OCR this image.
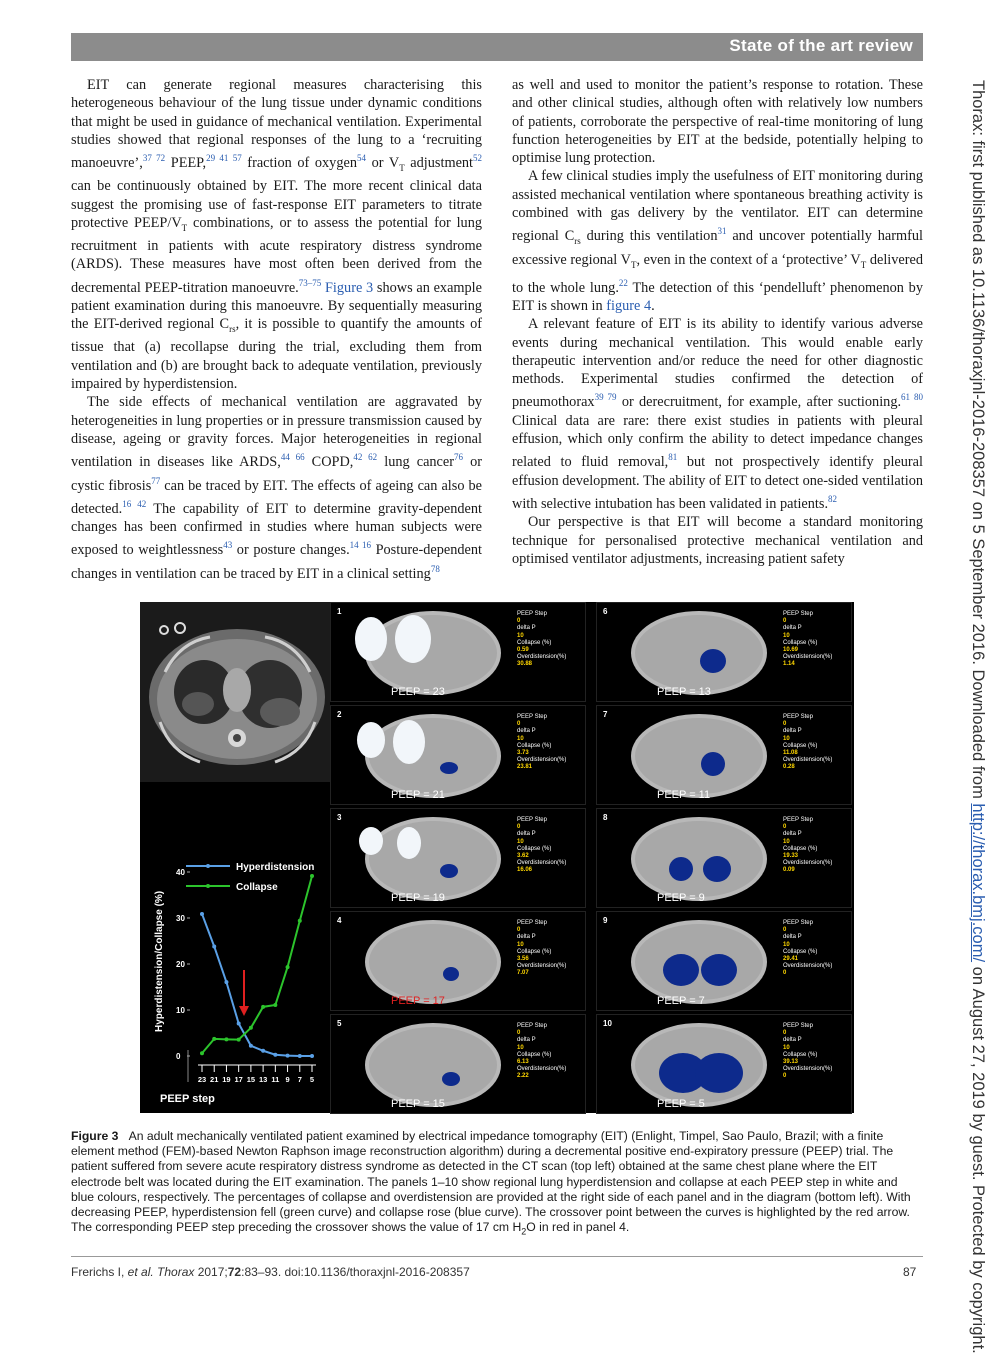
State of the art review
Thorax: first published as 10.1136/thoraxjnl-2016-208357 on 5 September 2016. Downloaded from http://thorax.bmj.com/ on August 27, 2019 by guest. Protected by copyright.

EIT can generate regional measures characterising this heterogeneous behaviour of the lung tissue under dynamic conditions that might be used in guidance of mechanical ventilation. Experimental studies showed that regional responses of the lung to a ‘recruiting manoeuvre’,$^{37 72}$ PEEP,$^{29 41 57}$ fraction of oxygen$^{54}$ or $V_T$ adjustment$^{52}$ can be continuously obtained by EIT. The more recent clinical data suggest the promising use of fast-response EIT parameters to titrate protective PEEP/$V_T$ combinations, or to assess the potential for lung recruitment in patients with acute respiratory distress syndrome (ARDS). These measures have most often been derived from the decremental PEEP-titration manoeuvre.$^{73-75}$ Figure 3 shows an example patient examination during this manoeuvre. By sequentially measuring the EIT-derived regional $C_{rs}$, it is possible to quantify the amounts of tissue that (a) recollapse during the trial, excluding them from ventilation and (b) are brought back to adequate ventilation, previously impaired by hyperdistension.

The side effects of mechanical ventilation are aggravated by heterogeneities in lung properties or in pressure transmission caused by disease, ageing or gravity forces. Major heterogeneities in regional ventilation in diseases like ARDS,$^{44 66}$ COPD,$^{42 62}$ lung cancer$^{76}$ or cystic fibrosis$^{77}$ can be traced by EIT. The effects of ageing can also be detected.$^{16 42}$ The capability of EIT to determine gravity-dependent changes has been confirmed in studies where human subjects were exposed to weightlessness$^{43}$ or posture changes.$^{14 16}$ Posture-dependent changes in ventilation can be traced by EIT in a clinical setting$^{78}$

as well and used to monitor the patient’s response to rotation. These and other clinical studies, although often with relatively low numbers of patients, corroborate the perspective of real-time monitoring of lung function heterogeneities by EIT at the bedside, potentially helping to optimise lung protection.

A few clinical studies imply the usefulness of EIT monitoring during assisted mechanical ventilation where spontaneous breathing activity is combined with gas delivery by the ventilator. EIT can determine regional $C_{rs}$ during this ventilation$^{31}$ and uncover potentially harmful excessive regional $V_T$, even in the context of a ‘protective’ $V_T$ delivered to the whole lung.$^{22}$ The detection of this ‘pendelluft’ phenomenon by EIT is shown in figure 4.

A relevant feature of EIT is its ability to identify various adverse events during mechanical ventilation. This would enable early therapeutic intervention and/or reduce the need for other diagnostic methods. Experimental studies confirmed the detection of pneumothorax$^{39 79}$ or derecruitment, for example, after suctioning.$^{61 80}$ Clinical data are rare: there exist studies in patients with pleural effusion, which only confirm the ability to detect impedance changes related to fluid removal,$^{81}$ but not prospectively identify pleural effusion development. The ability of EIT to detect one-sided ventilation with selective intubation has been validated in patients.$^{82}$

Our perspective is that EIT will become a standard monitoring technique for personalised protective mechanical ventilation and optimised ventilator adjustments, increasing patient safety

Hyperdistension
Collapse
PEEP step
Hyperdistension/Collapse (%)
0
10
20
30
40
23 21 19 17 15 13 11 9 7 5
1
PEEP = 23
PEEP Step
0
delta P
10
Collapse (%)
0.59
Overdistension(%)
30.88
2
PEEP = 21
PEEP Step
0
delta P
10
Collapse (%)
3.73
Overdistension(%)
23.81
3
PEEP = 19
PEEP Step
0
delta P
10
Collapse (%)
3.62
Overdistension(%)
16.06
4
PEEP = 17
PEEP Step
0
delta P
10
Collapse (%)
3.56
Overdistension(%)
7.07
5
PEEP = 15
PEEP Step
0
delta P
10
Collapse (%)
6.13
Overdistension(%)
2.22
6
PEEP = 13
PEEP Step
0
delta P
10
Collapse (%)
10.69
Overdistension(%)
1.14
7
PEEP = 11
PEEP Step
0
delta P
10
Collapse (%)
11.08
Overdistension(%)
0.28
8
PEEP = 9
PEEP Step
0
delta P
10
Collapse (%)
19.33
Overdistension(%)
0.09
9
PEEP = 7
PEEP Step
0
delta P
10
Collapse (%)
29.41
Overdistension(%)
0
10
PEEP = 5
PEEP Step
0
delta P
10
Collapse (%)
39.13
Overdistension(%)
0
Figure 3 An adult mechanically ventilated patient examined by electrical impedance tomography (EIT) (Enlight, Timpel, Sao Paulo, Brazil; with a finite element method (FEM)-based Newton Raphson image reconstruction algorithm) during a decremental positive end-expiratory pressure (PEEP) trial. The patient suffered from severe acute respiratory distress syndrome as detected in the CT scan (top left) obtained at the same chest plane where the EIT electrode belt was located during the EIT examination. The panels 1–10 show regional lung hyperdistension and collapse at each PEEP step in white and blue colours, respectively. The percentages of collapse and overdistension are provided at the right side of each panel and in the diagram (bottom left). With decreasing PEEP, hyperdistension fell (green curve) and collapse rose (blue curve). The crossover point between the curves is highlighted by the red arrow. The corresponding PEEP step preceding the crossover shows the value of 17 cm $H_2O$ in red in panel 4.
Frerichs I, et al. Thorax 2017;72:83–93. doi:10.1136/thoraxjnl-2016-208357	87
